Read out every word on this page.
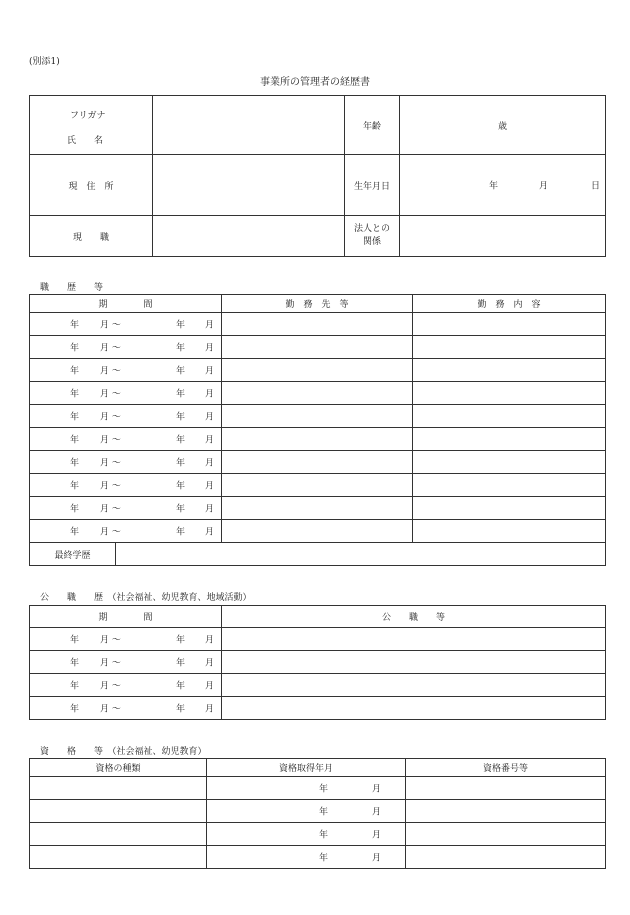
(別添1)
事業所の管理者の経歴書
フリガナ
氏　　名		年齢	歳
現　住　所		生年月日	年 月 日

現　　職		法人との
関係	

職　　歴　　等
期　　　　間		勤　務　先　等	勤　務　内　容

年 月 〜 年 月			

年 月 〜 年 月			

年 月 〜 年 月			

年 月 〜 年 月			

年 月 〜 年 月			

年 月 〜 年 月			

年 月 〜 年 月			

年 月 〜 年 月			

年 月 〜 年 月			

年 月 〜 年 月			

最終学歴			
公　　職　　歴　（社会福祉、幼児教育、地域活動）
期　　　　間	公　　職　　等

年 月 〜 年 月	

年 月 〜 年 月	

年 月 〜 年 月	

年 月 〜 年 月	

資　　格　　等　（社会福祉、幼児教育）
資格の種類	資格取得年月	資格番号等

	年 月	

	年 月	

	年 月	

	年 月	
